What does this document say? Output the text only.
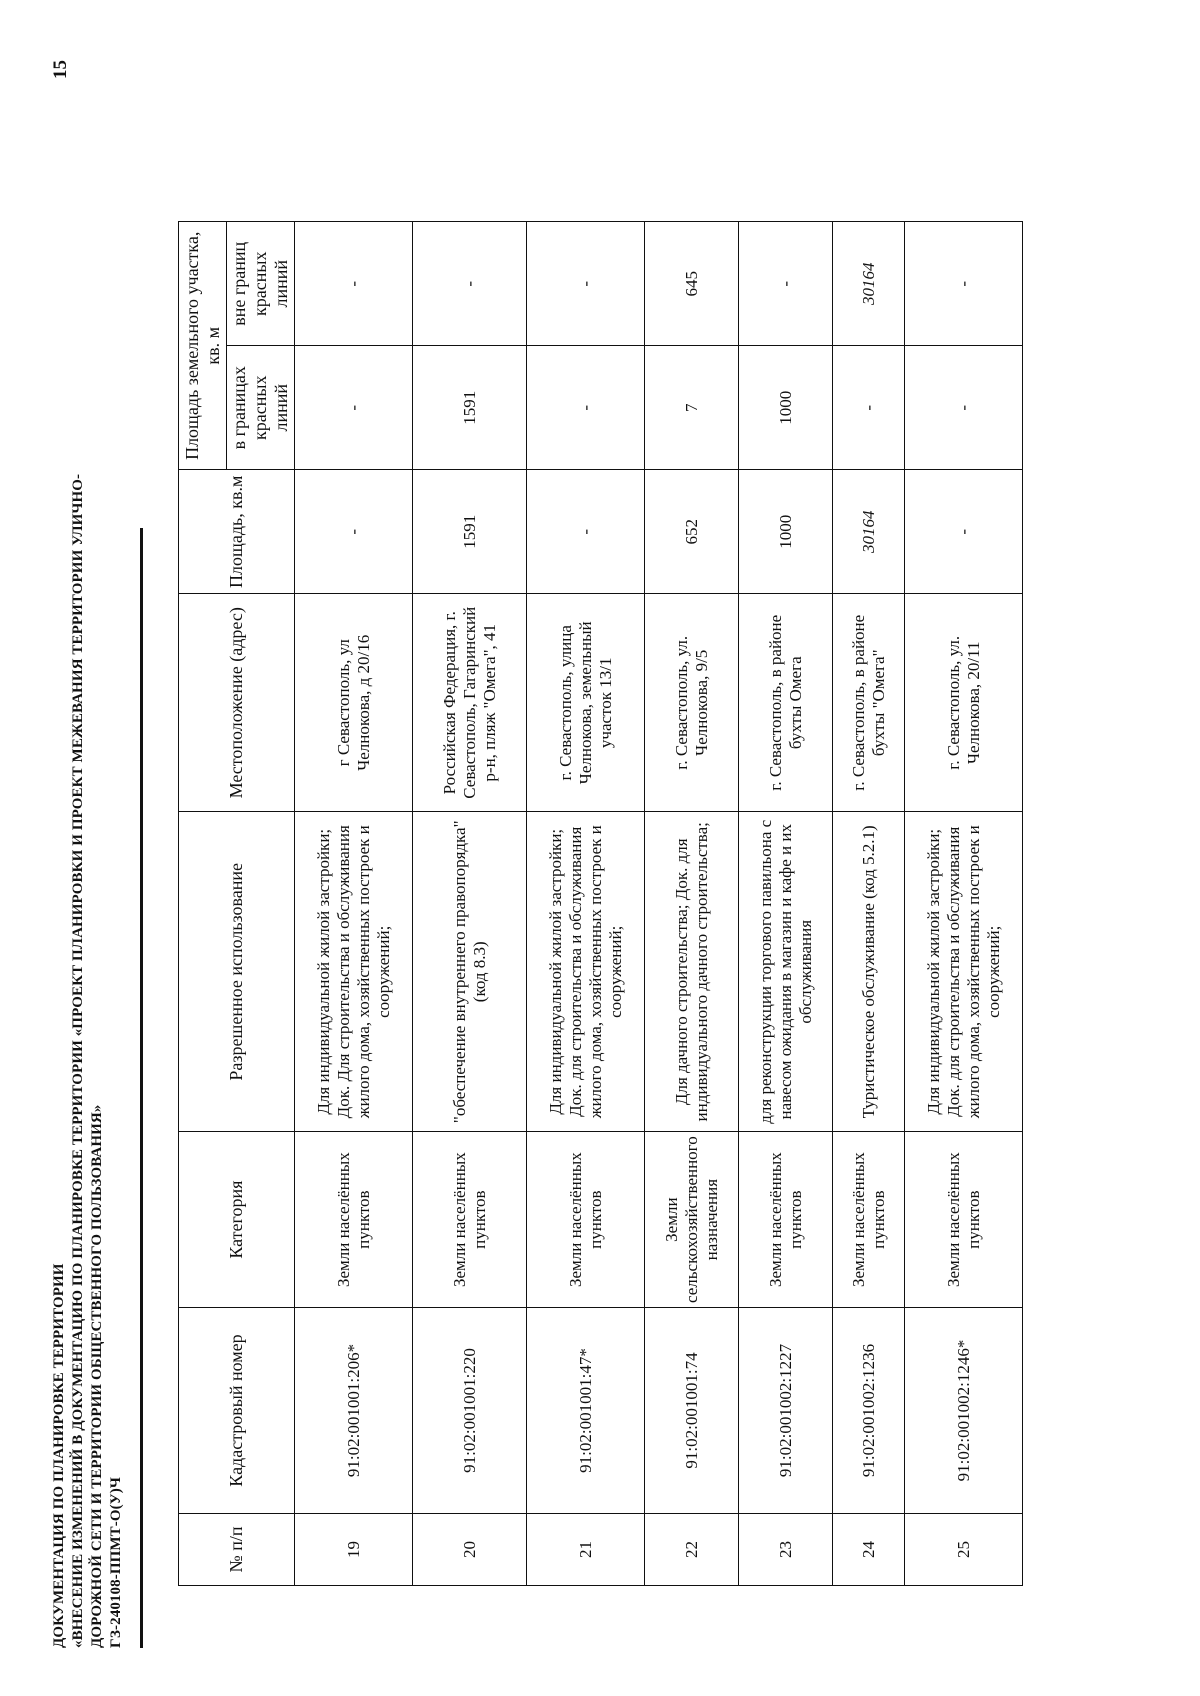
ДОКУМЕНТАЦИЯ ПО ПЛАНИРОВКЕ ТЕРРИТОРИИ «ВНЕСЕНИЕ ИЗМЕНЕНИЙ В ДОКУМЕНТАЦИЮ ПО ПЛАНИРОВКЕ ТЕРРИТОРИИ «ПРОЕКТ ПЛАНИРОВКИ И ПРОЕКТ МЕЖЕВАНИЯ ТЕРРИТОРИИ УЛИЧНО- ДОРОЖНОЙ СЕТИ И ТЕРРИТОРИИ ОБЩЕСТВЕННОГО ПОЛЬЗОВАНИЯ» ГЗ-240108-ППМТ-О(У)Ч
15
№ п/п	Кадастровый номер	Категория	Разрешенное использование	Местоположение (адрес)	Площадь, кв.м	Площадь земельного участка, кв. м	
						в границах красных линий	вне границ красных линий
19	91:02:001001:206*	Земли населённых пунктов	Для индивидуальной жилой застройки; Док. Для строительства и обслуживания жилого дома, хозяйственных построек и сооружений;	г Севастополь, ул Челнокова, д 20/16	-	-	-
20	91:02:001001:220	Земли населённых пунктов	"обеспечение внутреннего правопорядка"(код 8.3)	Российская Федерация, г. Севастополь, Гагаринский р-н, пляж "Омега", 41	1591	1591	-
21	91:02:001001:47*	Земли населённых пунктов	Для индивидуальной жилой застройки; Док. для строительства и обслуживания жилого дома, хозяйственных построек и сооружений;	г. Севастополь, улица Челнокова, земельный участок 13/1	-	-	-
22	91:02:001001:74	Земли сельскохозяйственного назначения	Для дачного строительства; Док. для индивидуального дачного строительства;	г. Севастополь, ул. Челнокова, 9/5	652	7	645
23	91:02:001002:1227	Земли населённых пунктов	для реконструкции торгового павильона с навесом ожидания в магазин и кафе и их обслуживания	г. Севастополь, в районе бухты Омега	1000	1000	-
24	91:02:001002:1236	Земли населённых пунктов	Туристическое обслуживание (код 5.2.1)	г. Севастополь, в районе бухты "Омега"	30164	-	30164
25	91:02:001002:1246*	Земли населённых пунктов	Для индивидуальной жилой застройки; Док. для строительства и обслуживания жилого дома, хозяйственных построек и сооружений;	г. Севастополь, ул. Челнокова, 20/11	-	-	-
